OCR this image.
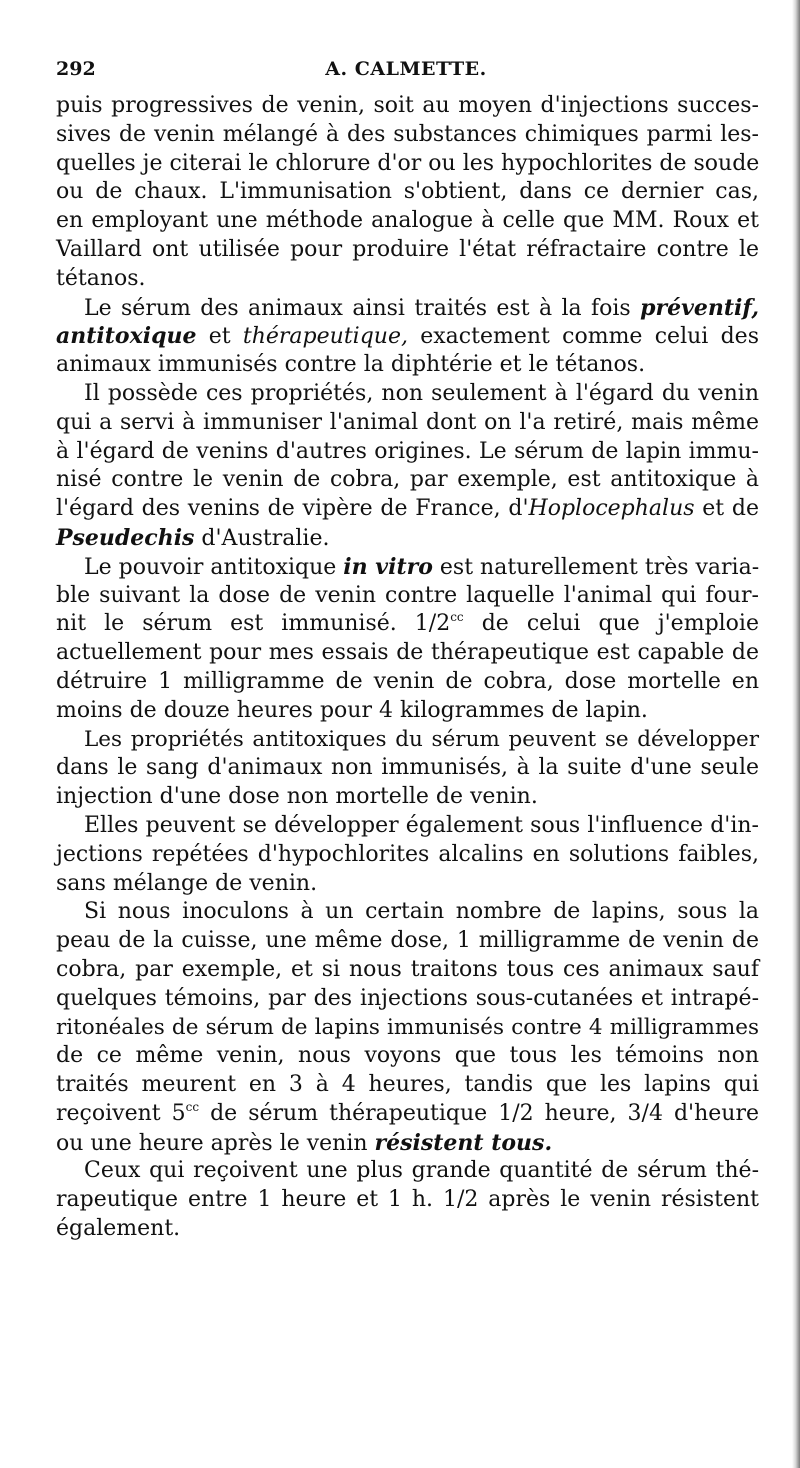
292	A. CALMETTE.
puis progressives de venin, soit au moyen d'injections succes-
sives de venin mélangé à des substances chimiques parmi les-
quelles je citerai le chlorure d'or ou les hypochlorites de soude
ou de chaux. L'immunisation s'obtient, dans ce dernier cas,
en employant une méthode analogue à celle que MM. Roux et
Vaillard ont utilisée pour produire l'état réfractaire contre le
tétanos.
Le sérum des animaux ainsi traités est à la fois préventif,
antitoxique et thérapeutique, exactement comme celui des
animaux immunisés contre la diphtérie et le tétanos.
Il possède ces propriétés, non seulement à l'égard du venin
qui a servi à immuniser l'animal dont on l'a retiré, mais même
à l'égard de venins d'autres origines. Le sérum de lapin immu-
nisé contre le venin de cobra, par exemple, est antitoxique à
l'égard des venins de vipère de France, d'Hoplocephalus et de
Pseudechis d'Australie.
Le pouvoir antitoxique in vitro est naturellement très varia-
ble suivant la dose de venin contre laquelle l'animal qui four-
nit le sérum est immunisé. $1/2^{cc}$ de celui que j'emploie
actuellement pour mes essais de thérapeutique est capable de
détruire 1 milligramme de venin de cobra, dose mortelle en
moins de douze heures pour 4 kilogrammes de lapin.
Les propriétés antitoxiques du sérum peuvent se développer
dans le sang d'animaux non immunisés, à la suite d'une seule
injection d'une dose non mortelle de venin.
Elles peuvent se développer également sous l'influence d'in-
jections repétées d'hypochlorites alcalins en solutions faibles,
sans mélange de venin.
Si nous inoculons à un certain nombre de lapins, sous la
peau de la cuisse, une même dose, 1 milligramme de venin de
cobra, par exemple, et si nous traitons tous ces animaux sauf
quelques témoins, par des injections sous-cutanées et intrapé-
ritonéales de sérum de lapins immunisés contre 4 milligrammes
de ce même venin, nous voyons que tous les témoins non
traités meurent en 3 à 4 heures, tandis que les lapins qui
reçoivent $5^{cc}$ de sérum thérapeutique 1/2 heure, 3/4 d'heure
ou une heure après le venin résistent tous.
Ceux qui reçoivent une plus grande quantité de sérum thé-
rapeutique entre 1 heure et 1 h. 1/2 après le venin résistent
également.
